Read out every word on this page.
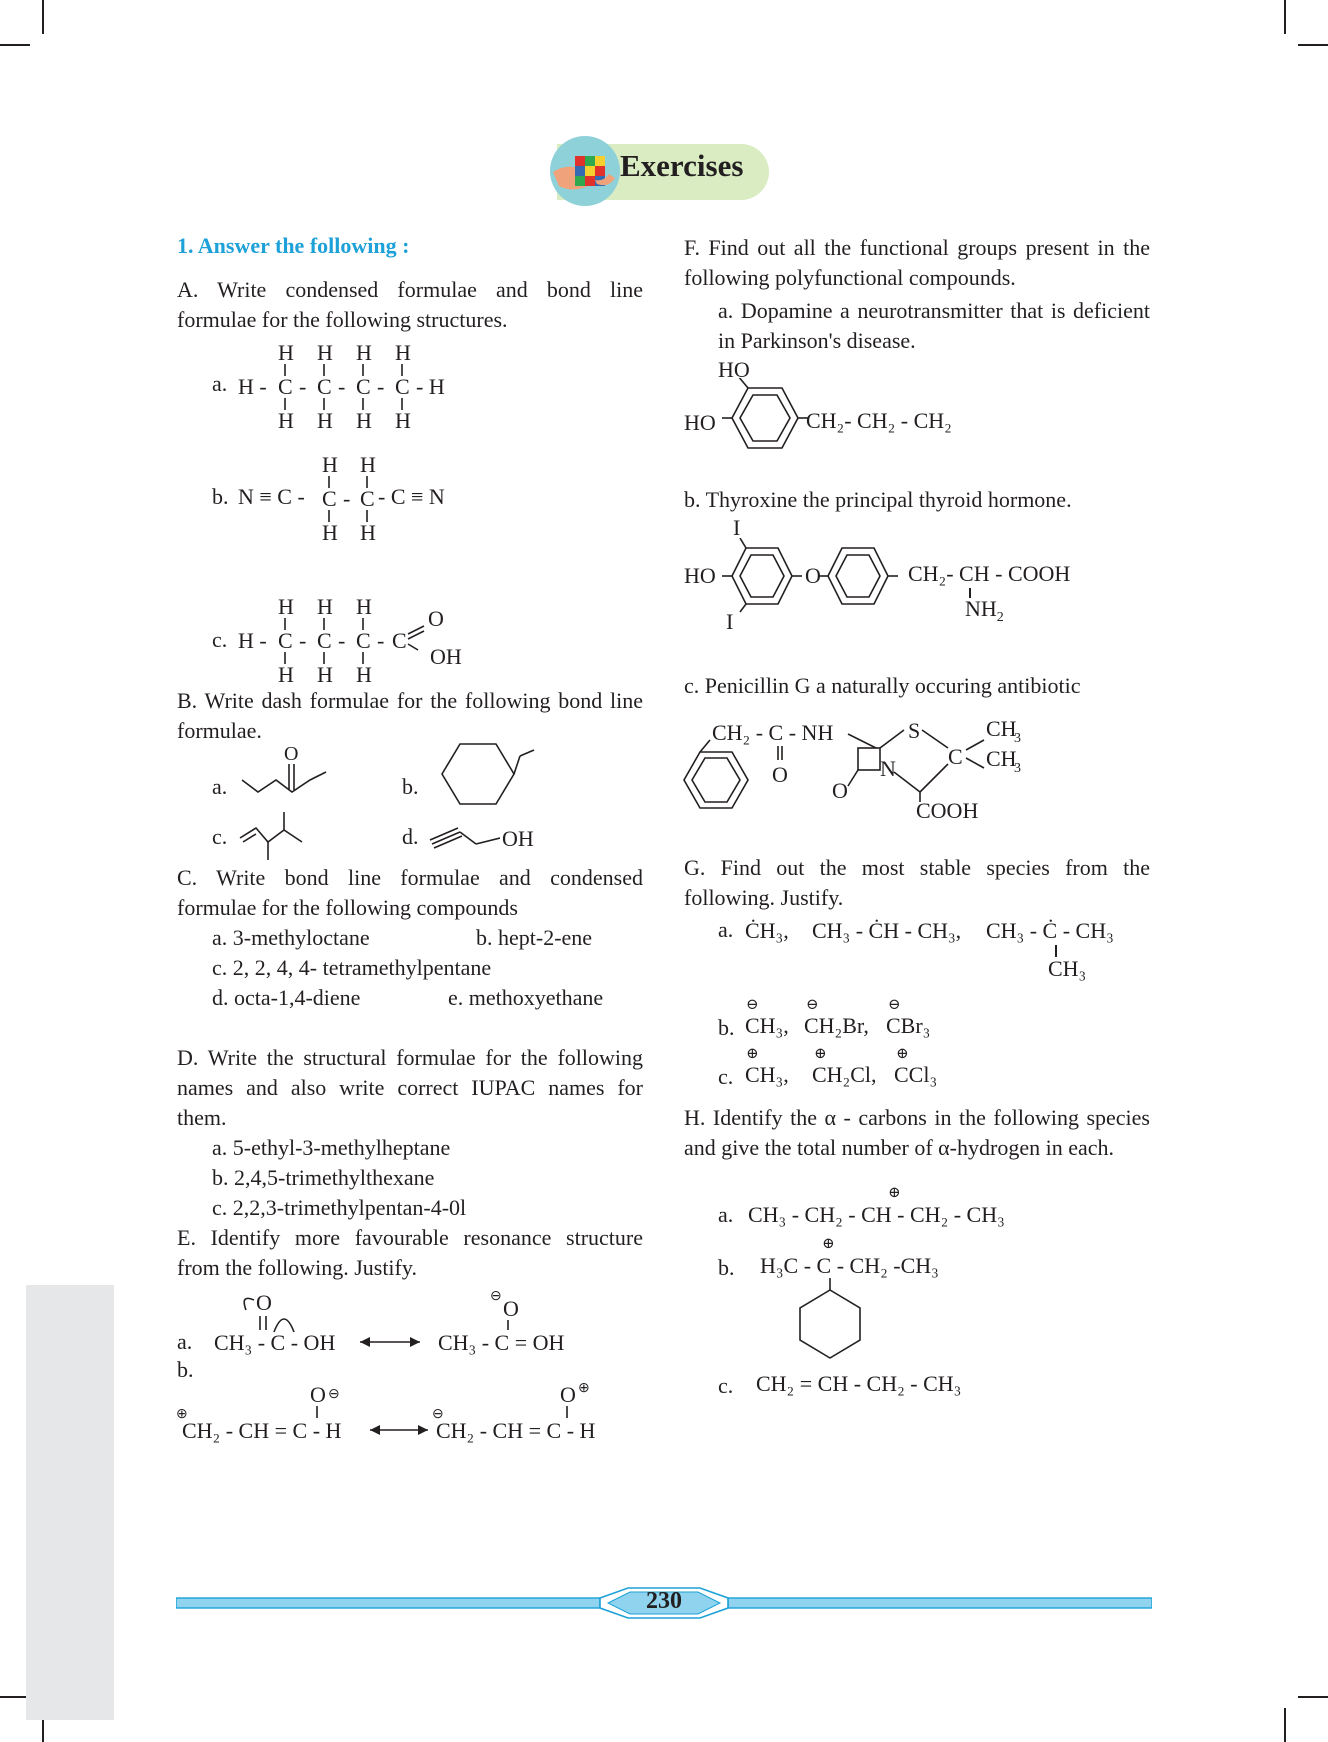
Exercises
1. Answer the following :
A. Write condensed formulae and bond line formulae for the following structures.
a.
H H H H
H - C - C - C - C - H
H H H H
b. N ≡ C -
H H
C - C
H H
- C ≡ N
c.
H H H
H - C - C - C - C
H H H
O
OH
B. Write dash formulae for the following bond line formulae.
a.
O
b.
c.	d.	OH
C. Write bond line formulae and condensed formulae for the following compounds
a. 3-methyloctane	b. hept-2-ene
c. 2, 2, 4, 4- tetramethylpentane
d. octa-1,4-diene	e. methoxyethane
D. Write the structural formulae for the following names and also write correct IUPAC names for them.
a. 5-ethyl-3-methylheptane
b. 2,4,5-trimethylthexane
c. 2,2,3-trimethylpentan-4-0l
E. Identify more favourable resonance structure from the following. Justify.
a.
b.
O	O
⊖
CH₃ - C - OH	CH₃ - C = OH
O	O
⊖	⊕
⊕	⊖
CH₂ - CH = C - H	CH₂ - CH = C - H
F. Find out all the functional groups present in the following polyfunctional compounds.
a. Dopamine a neurotransmitter that is deficient in Parkinson's disease.
HO
HO	CH₂- CH₂ - CH₂
b. Thyroxine the principal thyroid hormone.
I
HO
I
O	CH₂- CH - COOH
$NH_2$
c. Penicillin G a naturally occuring antibiotic
CH₂ - C - NH
O
O
N
S
C
CH
CH
3
3
COOH
G. Find out the most stable species from the following. Justify.
a. ĊH₃, CH₃ - ĊH - CH₃, CH₃ - Ċ - CH₃
CH₃
b.
⊖	⊖	⊖
CH₃, CH₂Br, CBr₃
c.
⊕	⊕	⊕
CH₃, CH₂Cl, CCl₃
H. Identify the α - carbons in the following species and give the total number of α-hydrogen in each.
a.
⊕
CH₃ - CH₂ - CH - CH₂ - CH₃
b.
⊕
H₃C - C - CH₂ -CH₃
c. CH₂ = CH - CH₂ - CH₃
230
